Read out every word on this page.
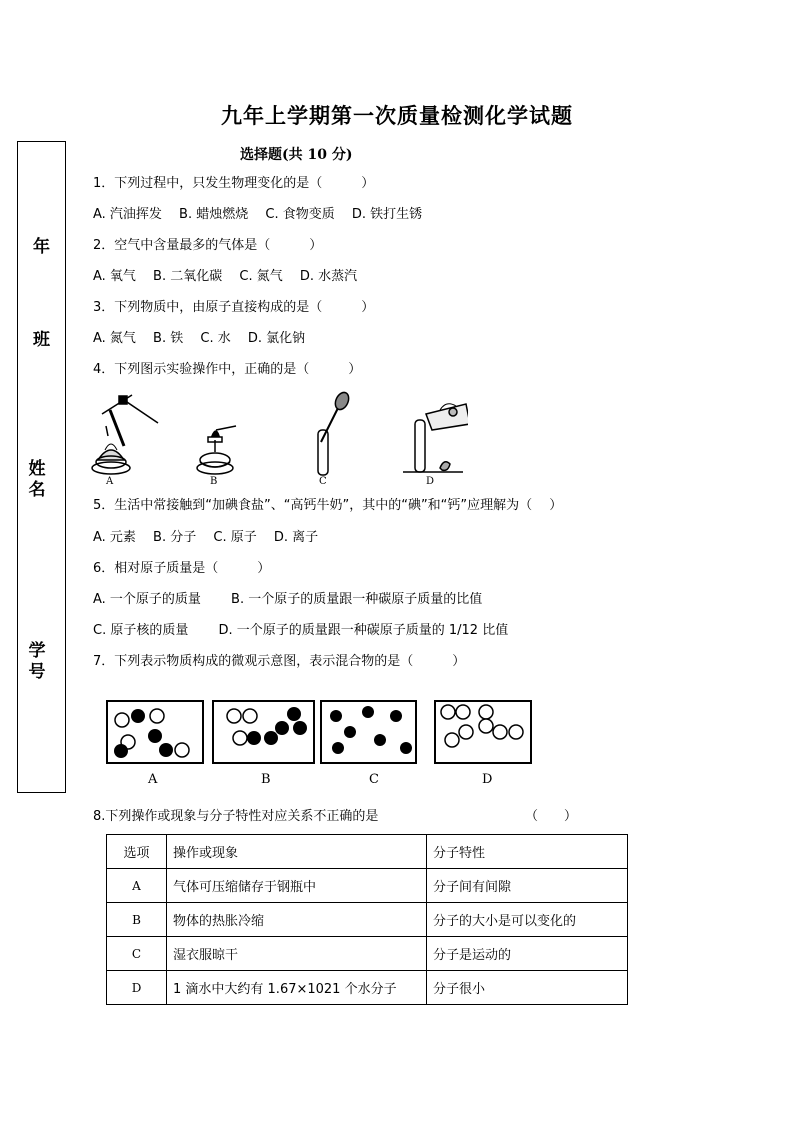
九年上学期第一次质量检测化学试题
选择题(共 10 分)
年
班
姓名
学号
1．下列过程中，只发生物理变化的是（　　　）
A. 汽油挥发　 B. 蜡烛燃烧　 C. 食物变质　 D. 铁打生锈
2．空气中含量最多的气体是（　　　）
A. 氧气　 B. 二氧化碳　 C. 氮气　 D. 水蒸汽
3．下列物质中，由原子直接构成的是（　　　）
A. 氮气　 B. 铁　 C. 水　 D. 氯化钠
4．下列图示实验操作中，正确的是（　　　）
A	B	C	D
5．生活中常接触到“加碘食盐”、“高钙牛奶”，其中的“碘”和“钙”应理解为（　 ）
A. 元素　 B. 分子　 C. 原子　 D. 离子
6．相对原子质量是（　　　）
A. 一个原子的质量　　 B. 一个原子的质量跟一种碳原子质量的比值
C. 原子核的质量　　 D. 一个原子的质量跟一种碳原子质量的 1/12 比值
7．下列表示物质构成的微观示意图，表示混合物的是（　　　）
A	B	C	D
8.下列操作或现象与分子特性对应关系不正确的是	（　　）
选项	操作或现象	分子特性
A	气体可压缩储存于钢瓶中	分子间有间隙
B	物体的热胀冷缩	分子的大小是可以变化的
C	湿衣服晾干	分子是运动的
D	1 滴水中大约有 1.67×1021 个水分子	分子很小
